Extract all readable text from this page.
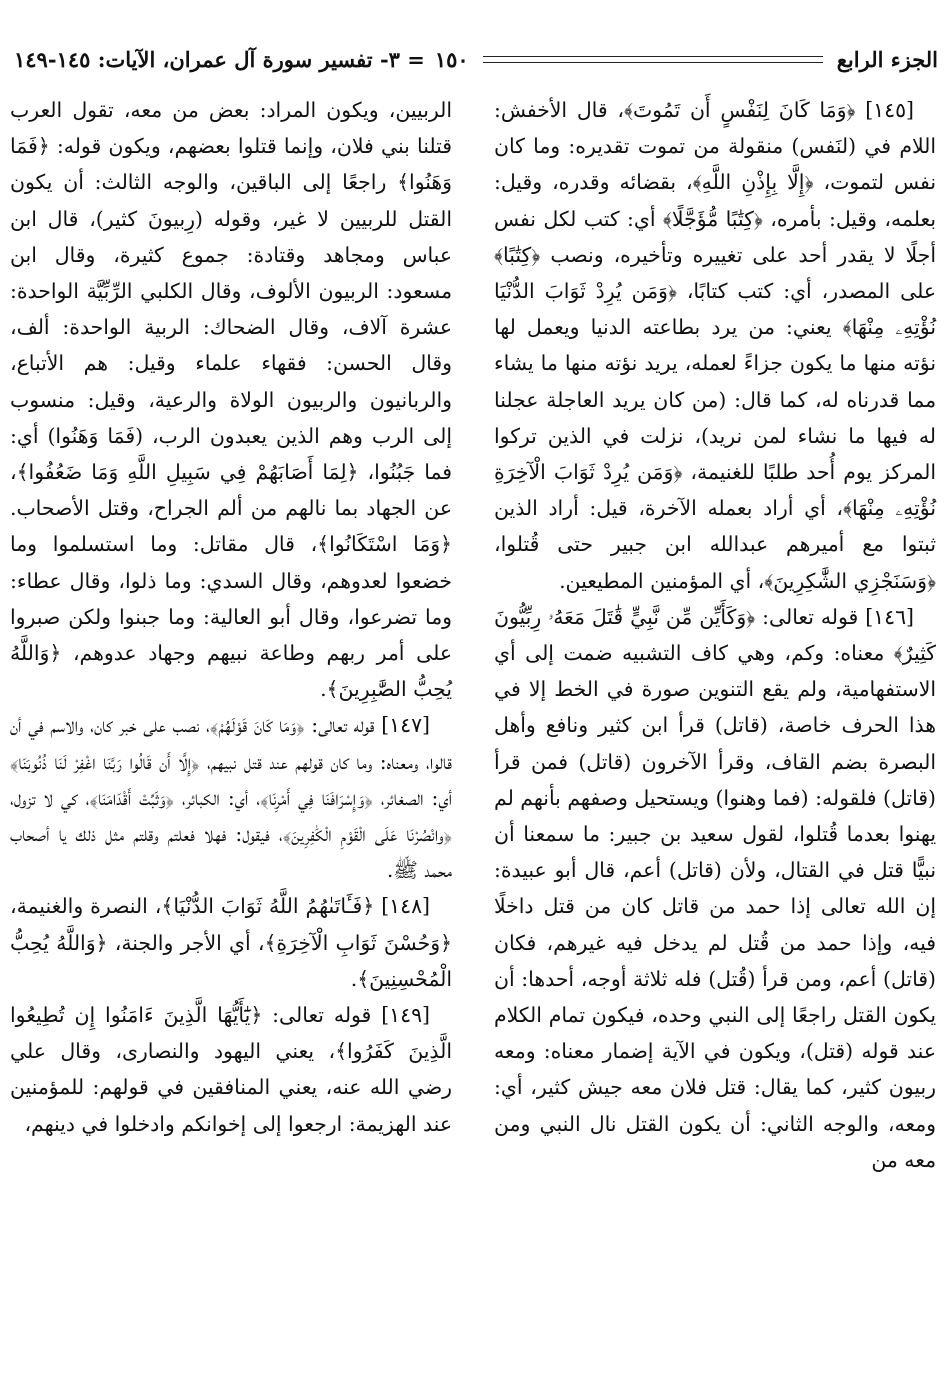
الجزء الرابع
١٥٠
= ٣- تفسير سورة آل عمران، الآيات: ١٤٥-١٤٩

[١٤٥] ﴿وَمَا كَانَ لِنَفْسٍ أَن تَمُوتَ﴾، قال الأخفش: اللام في (لنَفس) منقولة من تموت تقديره: وما كان نفس لتموت، ﴿إِلَّا بِإِذْنِ اللَّهِ﴾، بقضائه وقدره، وقيل: بعلمه، وقيل: بأمره، ﴿كِتَٰبًا مُّؤَجَّلًا﴾ أي: كتب لكل نفس أجلًا لا يقدر أحد على تغييره وتأخيره، ونصب ﴿كِتَٰبًا﴾ على المصدر، أي: كتب كتابًا، ﴿وَمَن يُرِدْ ثَوَابَ الدُّنْيَا نُؤْتِهِۦ مِنْهَا﴾ يعني: من يرد بطاعته الدنيا ويعمل لها نؤته منها ما يكون جزاءً لعمله، يريد نؤته منها ما يشاء مما قدرناه له، كما قال: (من كان يريد العاجلة عجلنا له فيها ما نشاء لمن نريد)، نزلت في الذين تركوا المركز يوم أُحد طلبًا للغنيمة، ﴿وَمَن يُرِدْ ثَوَابَ الْآخِرَةِ نُؤْتِهِۦ مِنْهَا﴾، أي أراد بعمله الآخرة، قيل: أراد الذين ثبتوا مع أميرهم عبدالله ابن جبير حتى قُتلوا، ﴿وَسَنَجْزِي الشَّٰكِرِينَ﴾، أي المؤمنين المطيعين.

[١٤٦] قوله تعالى: ﴿وَكَأَيِّن مِّن نَّبِيٍّ قَٰتَلَ مَعَهُۥ رِبِّيُّونَ كَثِيرٌ﴾ معناه: وكم، وهي كاف التشبيه ضمت إلى أي الاستفهامية، ولم يقع التنوين صورة في الخط إلا في هذا الحرف خاصة، (قاتل) قرأ ابن كثير ونافع وأهل البصرة بضم القاف، وقرأ الآخرون (قاتل) فمن قرأ (قاتل) فلقوله: (فما وهنوا) ويستحيل وصفهم بأنهم لم يهنوا بعدما قُتلوا، لقول سعيد بن جبير: ما سمعنا أن نبيًّا قتل في القتال، ولأن (قاتل) أعم، قال أبو عبيدة: إن الله تعالى إذا حمد من قاتل كان من قتل داخلًا فيه، وإذا حمد من قُتل لم يدخل فيه غيرهم، فكان (قاتل) أعم، ومن قرأ (قُتل) فله ثلاثة أوجه، أحدها: أن يكون القتل راجعًا إلى النبي وحده، فيكون تمام الكلام عند قوله (قتل)، ويكون في الآية إضمار معناه: ومعه ربيون كثير، كما يقال: قتل فلان معه جيش كثير، أي: ومعه، والوجه الثاني: أن يكون القتل نال النبي ومن معه من

الربيين، ويكون المراد: بعض من معه، تقول العرب قتلنا بني فلان، وإنما قتلوا بعضهم، ويكون قوله: ﴿فَمَا وَهَنُوا﴾ راجعًا إلى الباقين، والوجه الثالث: أن يكون القتل للربيين لا غير، وقوله (رِبيونَ كثير)، قال ابن عباس ومجاهد وقتادة: جموع كثيرة، وقال ابن مسعود: الربيون الألوف، وقال الكلبي الرِّبِّيَّة الواحدة: عشرة آلاف، وقال الضحاك: الربية الواحدة: ألف، وقال الحسن: فقهاء علماء وقيل: هم الأتباع، والربانيون والربيون الولاة والرعية، وقيل: منسوب إلى الرب وهم الذين يعبدون الرب، (فَمَا وَهَنُوا) أي: فما جَبُنُوا، ﴿لِمَا أَصَابَهُمْ فِي سَبِيلِ اللَّهِ وَمَا ضَعُفُوا﴾، عن الجهاد بما نالهم من ألم الجراح، وقتل الأصحاب. ﴿وَمَا اسْتَكَانُوا﴾، قال مقاتل: وما استسلموا وما خضعوا لعدوهم، وقال السدي: وما ذلوا، وقال عطاء: وما تضرعوا، وقال أبو العالية: وما جبنوا ولكن صبروا على أمر ربهم وطاعة نبيهم وجهاد عدوهم، ﴿وَاللَّهُ يُحِبُّ الصَّٰبِرِينَ﴾.

[١٤٧] قوله تعالى: ﴿وَمَا كَانَ قَوْلَهُمْ﴾، نصب على خبر كان، والاسم في أن قالوا، ومعناه: وما كان قولهم عند قتل نبيهم، ﴿إِلَّا أَن قَالُوا رَبَّنَا اغْفِرْ لَنَا ذُنُوبَنَا﴾ أي: الصغائر، ﴿وَإِسْرَافَنَا فِي أَمْرِنَا﴾، أي: الكبائر، ﴿وَثَبِّتْ أَقْدَامَنَا﴾، كي لا تزول، ﴿وانْصُرْنَا عَلَى الْقَوْمِ الْكَٰفِرِينَ﴾، فيقول: فهلا فعلتم وقلتم مثل ذلك يا أصحاب محمد ﷺ.

[١٤٨] ﴿فَـَٔاتَىٰهُمُ اللَّهُ ثَوَابَ الدُّنْيَا﴾، النصرة والغنيمة، ﴿وَحُسْنَ ثَوَابِ الْآخِرَةِ﴾، أي الأجر والجنة، ﴿وَاللَّهُ يُحِبُّ الْمُحْسِنِينَ﴾.

[١٤٩] قوله تعالى: ﴿يَٰٓأَيُّهَا الَّذِينَ ءَامَنُوا إِن تُطِيعُوا الَّذِينَ كَفَرُوا﴾، يعني اليهود والنصارى، وقال علي رضي الله عنه، يعني المنافقين في قولهم: للمؤمنين عند الهزيمة: ارجعوا إلى إخوانكم وادخلوا في دينهم،
